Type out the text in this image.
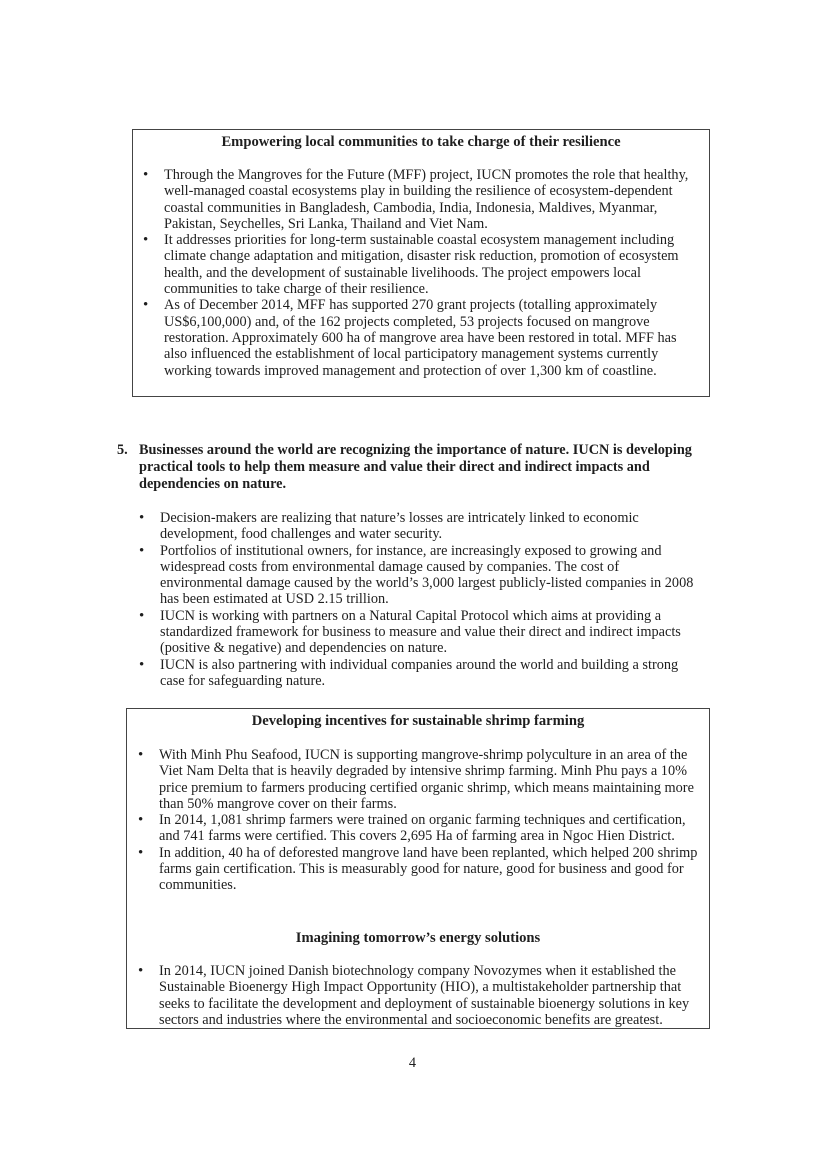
Empowering local communities to take charge of their resilience

• Through the Mangroves for the Future (MFF) project, IUCN promotes the role that healthy, well-managed coastal ecosystems play in building the resilience of ecosystem-dependent coastal communities in Bangladesh, Cambodia, India, Indonesia, Maldives, Myanmar, Pakistan, Seychelles, Sri Lanka, Thailand and Viet Nam.
• It addresses priorities for long-term sustainable coastal ecosystem management including climate change adaptation and mitigation, disaster risk reduction, promotion of ecosystem health, and the development of sustainable livelihoods. The project empowers local communities to take charge of their resilience.
• As of December 2014, MFF has supported 270 grant projects (totalling approximately US$6,100,000) and, of the 162 projects completed, 53 projects focused on mangrove restoration. Approximately 600 ha of mangrove area have been restored in total. MFF has also influenced the establishment of local participatory management systems currently working towards improved management and protection of over 1,300 km of coastline.
5. Businesses around the world are recognizing the importance of nature. IUCN is developing practical tools to help them measure and value their direct and indirect impacts and dependencies on nature.
• Decision-makers are realizing that nature’s losses are intricately linked to economic development, food challenges and water security.
• Portfolios of institutional owners, for instance, are increasingly exposed to growing and widespread costs from environmental damage caused by companies. The cost of environmental damage caused by the world’s 3,000 largest publicly-listed companies in 2008 has been estimated at USD 2.15 trillion.
• IUCN is working with partners on a Natural Capital Protocol which aims at providing a standardized framework for business to measure and value their direct and indirect impacts (positive & negative) and dependencies on nature.
• IUCN is also partnering with individual companies around the world and building a strong case for safeguarding nature.

Developing incentives for sustainable shrimp farming

• With Minh Phu Seafood, IUCN is supporting mangrove-shrimp polyculture in an area of the Viet Nam Delta that is heavily degraded by intensive shrimp farming. Minh Phu pays a 10% price premium to farmers producing certified organic shrimp, which means maintaining more than 50% mangrove cover on their farms.
• In 2014, 1,081 shrimp farmers were trained on organic farming techniques and certification, and 741 farms were certified. This covers 2,695 Ha of farming area in Ngoc Hien District.
• In addition, 40 ha of deforested mangrove land have been replanted, which helped 200 shrimp farms gain certification. This is measurably good for nature, good for business and good for communities.

Imagining tomorrow’s energy solutions

• In 2014, IUCN joined Danish biotechnology company Novozymes when it established the Sustainable Bioenergy High Impact Opportunity (HIO), a multistakeholder partnership that seeks to facilitate the development and deployment of sustainable bioenergy solutions in key sectors and industries where the environmental and socioeconomic benefits are greatest.
4
